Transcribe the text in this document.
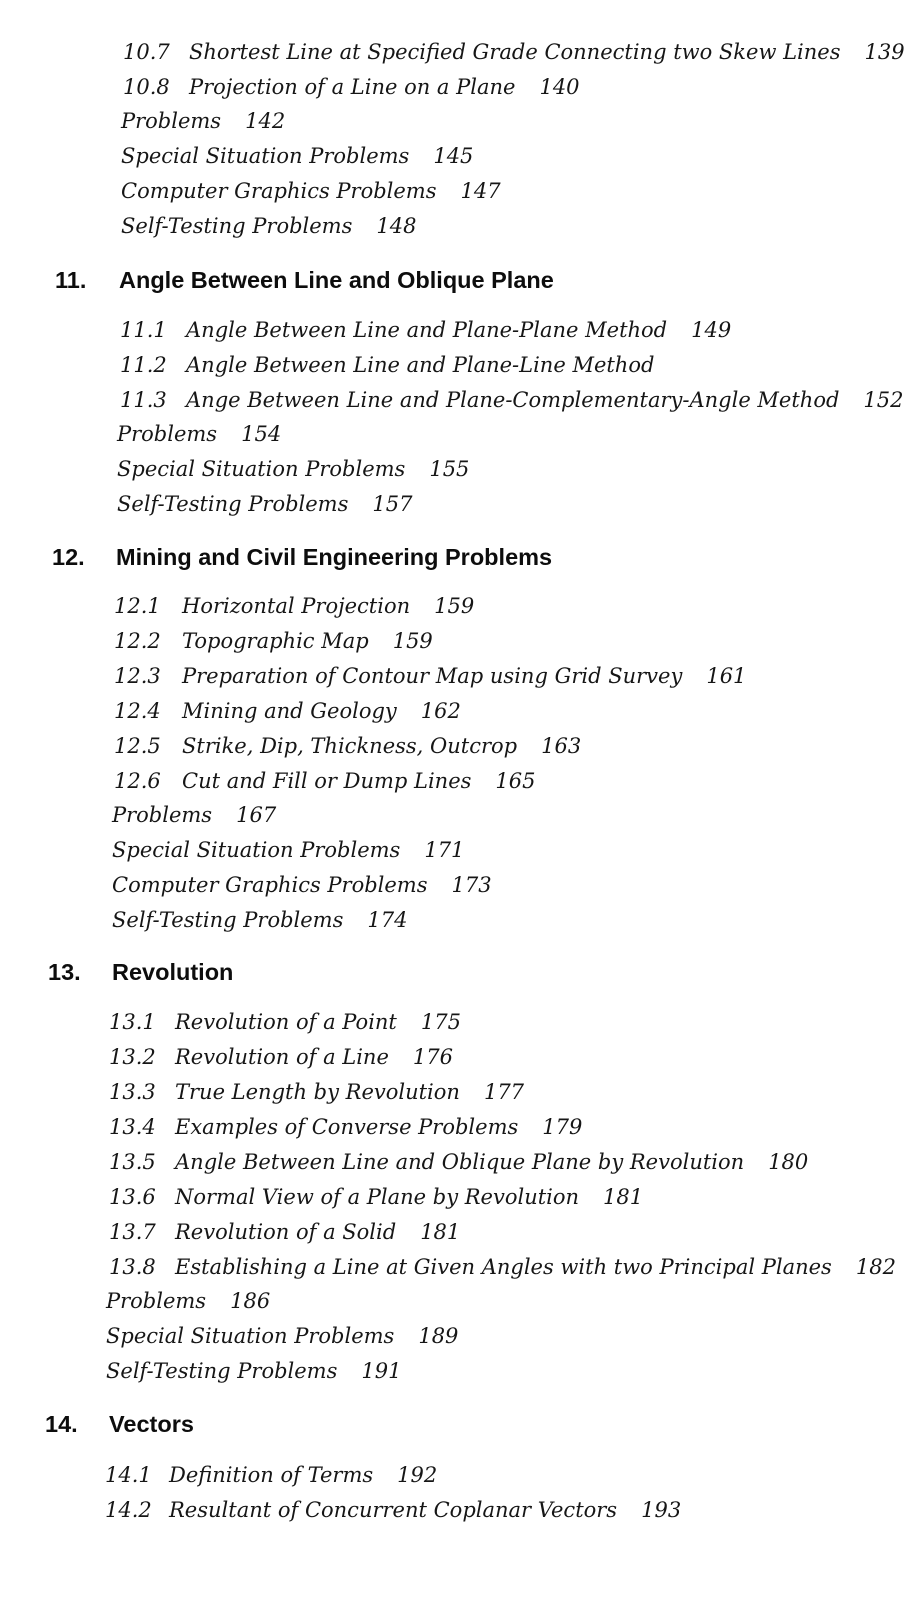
10.7 Shortest Line at Specified Grade Connecting two Skew Lines 139
10.8 Projection of a Line on a Plane 140
Problems 142
Special Situation Problems 145
Computer Graphics Problems 147
Self-Testing Problems 148
11. Angle Between Line and Oblique Plane
11.1 Angle Between Line and Plane-Plane Method 149
11.2 Angle Between Line and Plane-Line Method
11.3 Ange Between Line and Plane-Complementary-Angle Method 152
Problems 154
Special Situation Problems 155
Self-Testing Problems 157
12. Mining and Civil Engineering Problems
12.1 Horizontal Projection 159
12.2 Topographic Map 159
12.3 Preparation of Contour Map using Grid Survey 161
12.4 Mining and Geology 162
12.5 Strike, Dip, Thickness, Outcrop 163
12.6 Cut and Fill or Dump Lines 165
Problems 167
Special Situation Problems 171
Computer Graphics Problems 173
Self-Testing Problems 174
13. Revolution
13.1 Revolution of a Point 175
13.2 Revolution of a Line 176
13.3 True Length by Revolution 177
13.4 Examples of Converse Problems 179
13.5 Angle Between Line and Oblique Plane by Revolution 180
13.6 Normal View of a Plane by Revolution 181
13.7 Revolution of a Solid 181
13.8 Establishing a Line at Given Angles with two Principal Planes 182
Problems 186
Special Situation Problems 189
Self-Testing Problems 191
14. Vectors
14.1 Definition of Terms 192
14.2 Resultant of Concurrent Coplanar Vectors 193
